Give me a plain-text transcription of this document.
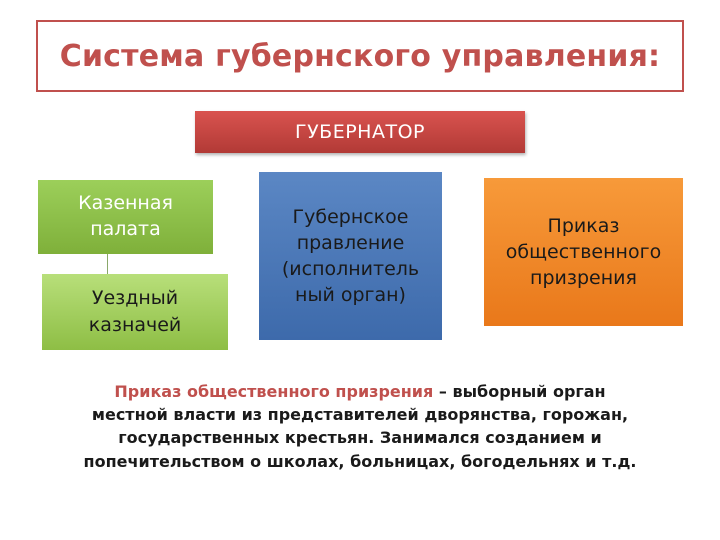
Система губернского управления:
ГУБЕРНАТОР
Казенная
палата
Уездный
казначей
Губернское
правление
(исполнитель
ный орган)
Приказ
общественного
призрения
Приказ общественного призрения – выборный орган
местной власти из представителей дворянства, горожан,
государственных крестьян. Занимался созданием и
попечительством о школах, больницах, богодельнях и т.д.
